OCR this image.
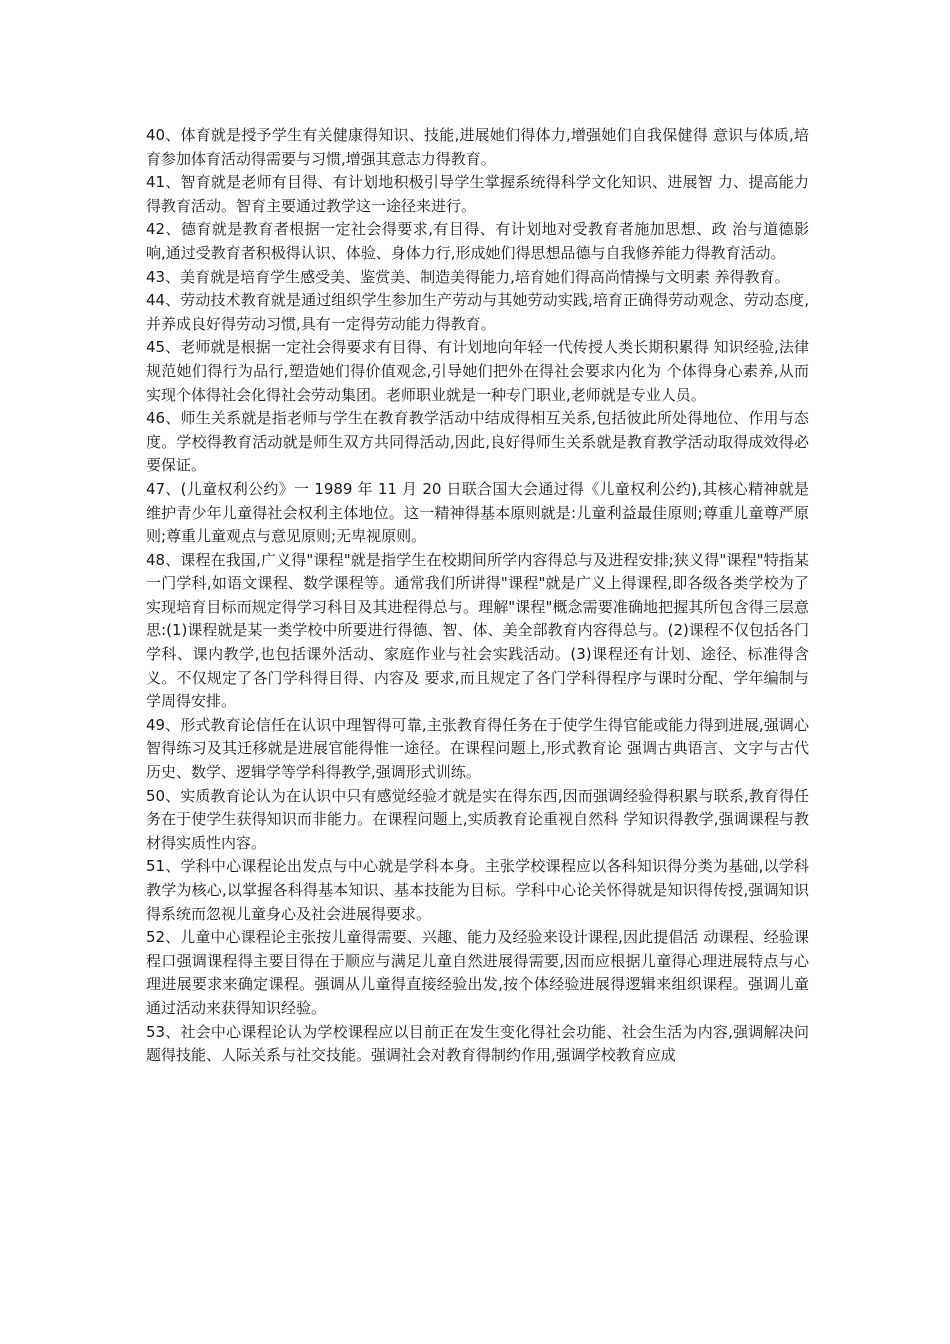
40、体育就是授予学生有关健康得知识、技能,进展她们得体力,增强她们自我保健得 意识与体质,培育参加体育活动得需要与习惯,增强其意志力得教育。

41、智育就是老师有目得、有计划地积极引导学生掌握系统得科学文化知识、进展智 力、提高能力得教育活动。智育主要通过教学这一途径来进行。

42、德育就是教育者根据一定社会得要求,有目得、有计划地对受教育者施加思想、政 治与道德影响,通过受教育者积极得认识、体验、身体力行,形成她们得思想品德与自我修养能力得教育活动。

43、美育就是培育学生感受美、鉴赏美、制造美得能力,培育她们得高尚情操与文明素 养得教育。

44、劳动技术教育就是通过组织学生参加生产劳动与其她劳动实践,培育正确得劳动观念、劳动态度,并养成良好得劳动习惯,具有一定得劳动能力得教育。

45、老师就是根据一定社会得要求有目得、有计划地向年轻一代传授人类长期积累得 知识经验,法律规范她们得行为品行,塑造她们得价值观念,引导她们把外在得社会要求内化为 个体得身心素养,从而实现个体得社会化得社会劳动集团。老师职业就是一种专门职业,老师就是专业人员。

46、师生关系就是指老师与学生在教育教学活动中结成得相互关系,包括彼此所处得地位、作用与态度。学校得教育活动就是师生双方共同得活动,因此,良好得师生关系就是教育教学活动取得成效得必要保证。

47、(儿童权利公约》一 1989 年 11 月 20 日联合国大会通过得《儿童权利公约),其核心精神就是维护青少年儿童得社会权利主体地位。这一精神得基本原则就是:儿童利益最佳原则;尊重儿童尊严原则;尊重儿童观点与意见原则;无卑视原则。

48、课程在我国,广义得"课程"就是指学生在校期间所学内容得总与及进程安排;狭义得"课程"特指某一门学科,如语文课程、数学课程等。通常我们所讲得"课程"就是广义上得课程,即各级各类学校为了实现培育目标而规定得学习科目及其进程得总与。理解"课程"概念需要准确地把握其所包含得三层意思:(1)课程就是某一类学校中所要进行得德、智、体、美全部教育内容得总与。(2)课程不仅包括各门学科、课内教学,也包括课外活动、家庭作业与社会实践活动。(3)课程还有计划、途径、标准得含义。不仅规定了各门学科得目得、内容及 要求,而且规定了各门学科得程序与课时分配、学年编制与学周得安排。

49、形式教育论信任在认识中理智得可靠,主张教育得任务在于使学生得官能或能力得到进展,强调心智得练习及其迁移就是进展官能得惟一途径。在课程问题上,形式教育论 强调古典语言、文字与古代历史、数学、逻辑学等学科得教学,强调形式训练。

50、实质教育论认为在认识中只有感觉经验才就是实在得东西,因而强调经验得积累与联系,教育得任务在于使学生获得知识而非能力。在课程问题上,实质教育论重视自然科 学知识得教学,强调课程与教材得实质性内容。

51、学科中心课程论出发点与中心就是学科本身。主张学校课程应以各科知识得分类为基础,以学科教学为核心,以掌握各科得基本知识、基本技能为目标。学科中心论关怀得就是知识得传授,强调知识得系统而忽视儿童身心及社会进展得要求。

52、儿童中心课程论主张按儿童得需要、兴趣、能力及经验来设计课程,因此提倡活 动课程、经验课程口强调课程得主要目得在于顺应与满足儿童自然进展得需要,因而应根据儿童得心理进展特点与心理进展要求来确定课程。强调从儿童得直接经验出发,按个体经验进展得逻辑来组织课程。强调儿童通过活动来获得知识经验。

53、社会中心课程论认为学校课程应以目前正在发生变化得社会功能、社会生活为内容,强调解决问题得技能、人际关系与社交技能。强调社会对教育得制约作用,强调学校教育应成
